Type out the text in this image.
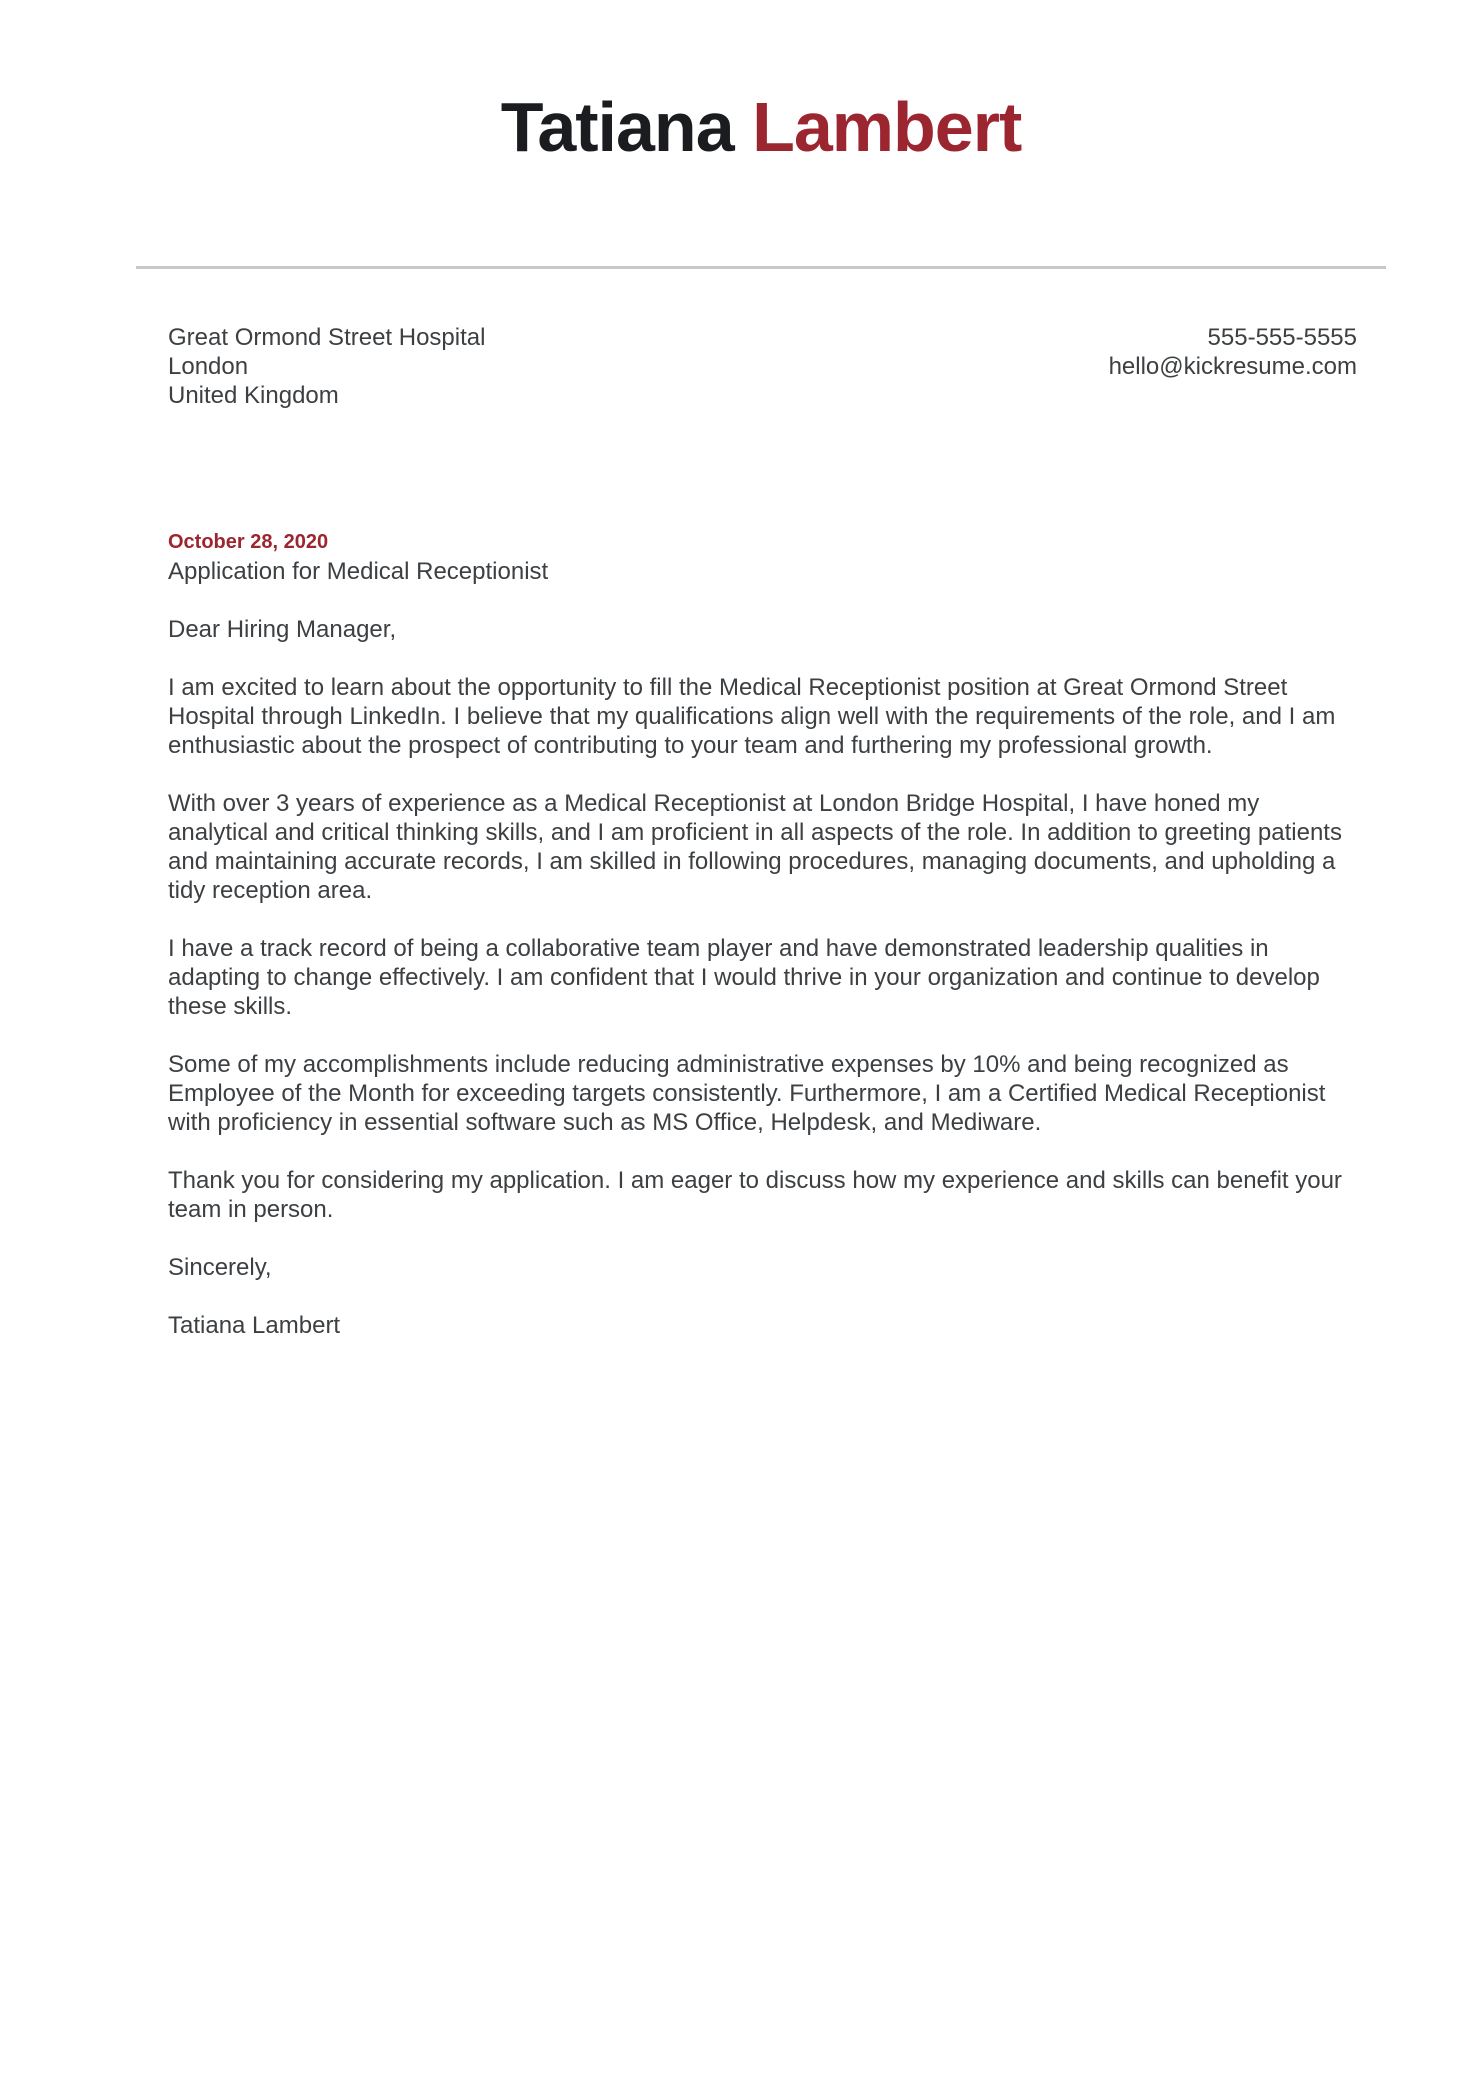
Tatiana Lambert
Great Ormond Street Hospital
London
United Kingdom
555-555-5555
hello@kickresume.com
October 28, 2020
Application for Medical Receptionist

Dear Hiring Manager,

I am excited to learn about the opportunity to fill the Medical Receptionist position at Great Ormond Street Hospital through LinkedIn. I believe that my qualifications align well with the requirements of the role, and I am enthusiastic about the prospect of contributing to your team and furthering my professional growth.

With over 3 years of experience as a Medical Receptionist at London Bridge Hospital, I have honed my analytical and critical thinking skills, and I am proficient in all aspects of the role. In addition to greeting patients and maintaining accurate records, I am skilled in following procedures, managing documents, and upholding a tidy reception area.

I have a track record of being a collaborative team player and have demonstrated leadership qualities in adapting to change effectively. I am confident that I would thrive in your organization and continue to develop these skills.

Some of my accomplishments include reducing administrative expenses by 10% and being recognized as Employee of the Month for exceeding targets consistently. Furthermore, I am a Certified Medical Receptionist with proficiency in essential software such as MS Office, Helpdesk, and Mediware.

Thank you for considering my application. I am eager to discuss how my experience and skills can benefit your team in person.

Sincerely,

Tatiana Lambert
